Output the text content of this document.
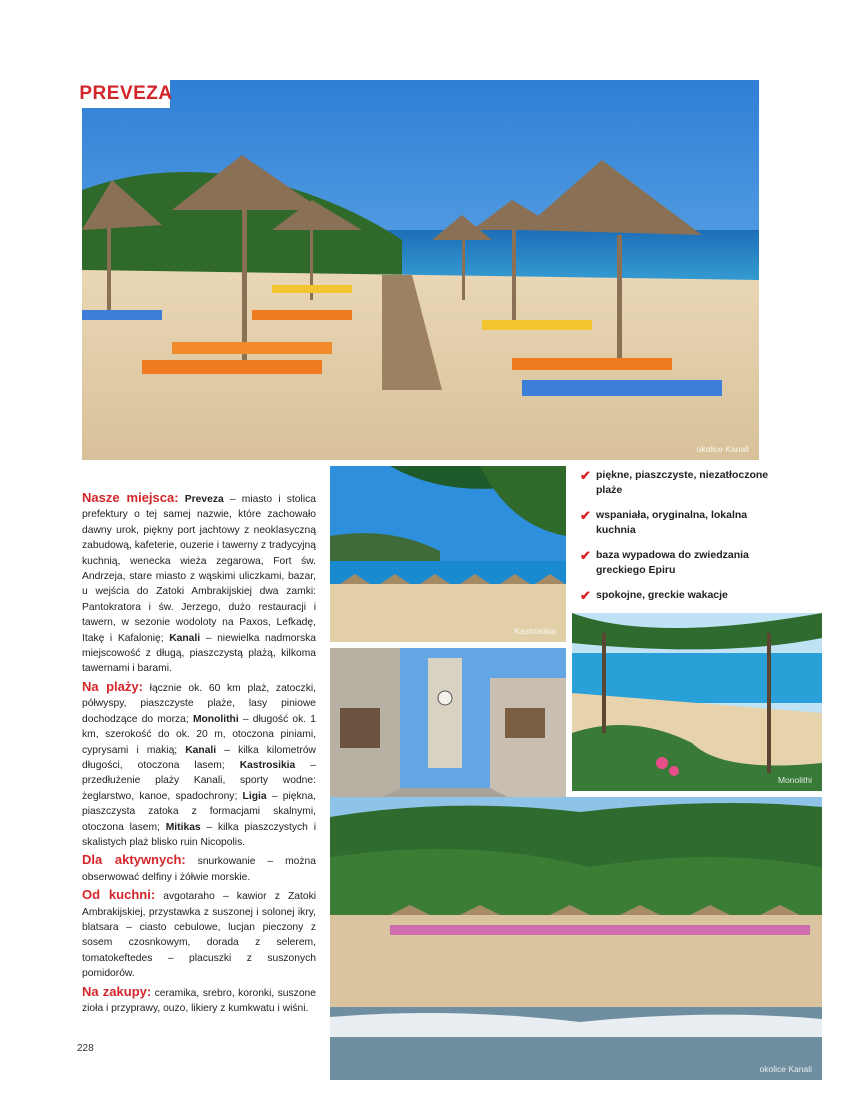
PREVEZA
okolice Kanali
Kastrosikia
Monolithi
okolice Kanali

Nasze miejsca: Preveza – miasto i stolica prefektury o tej samej nazwie, które zachowało dawny urok, piękny port jachtowy z neoklasyczną zabudową, kafeterie, ouzerie i tawerny z tradycyjną kuchnią, wenecka wieża zegarowa, Fort św. Andrzeja, stare miasto z wąskimi uliczkami, bazar, u wejścia do Zatoki Ambrakijskiej dwa zamki: Pantokratora i św. Jerzego, dużo restauracji i tawern, w sezonie wodoloty na Paxos, Lefkadę, Itakę i Kafalonię; Kanali – niewielka nadmorska miejscowość z długą, piaszczystą plażą, kilkoma tawernami i barami.

Na plaży: łącznie ok. 60 km plaż, zatoczki, półwyspy, piaszczyste plaże, lasy piniowe dochodzące do morza; Monolithi – długość ok. 1 km, szerokość do ok. 20 m, otoczona piniami, cyprysami i makią; Kanali – kilka kilometrów długości, otoczona lasem; Kastrosikia – przedłużenie plaży Kanali, sporty wodne: żeglarstwo, kanoe, spadochrony; Ligia – piękna, piaszczysta zatoka z formacjami skalnymi, otoczona lasem; Mitikas – kilka piaszczystych i skalistych plaż blisko ruin Nicopolis.

Dla aktywnych: snurkowanie – można obserwować delfiny i żółwie morskie.

Od kuchni: avgotaraho – kawior z Zatoki Ambrakijskiej, przystawka z suszonej i solonej ikry, blatsara – ciasto cebulowe, lucjan pieczony z sosem czosnkowym, dorada z selerem, tomatokeftedes – placuszki z suszonych pomidorów.

Na zakupy: ceramika, srebro, koronki, suszone zioła i przyprawy, ouzo, likiery z kumkwatu i wiśni.

✔ piękne, piaszczyste, niezatłoczone plaże
✔ wspaniała, oryginalna, lokalna kuchnia
✔ baza wypadowa do zwiedzania greckiego Epiru
✔ spokojne, greckie wakacje
228
